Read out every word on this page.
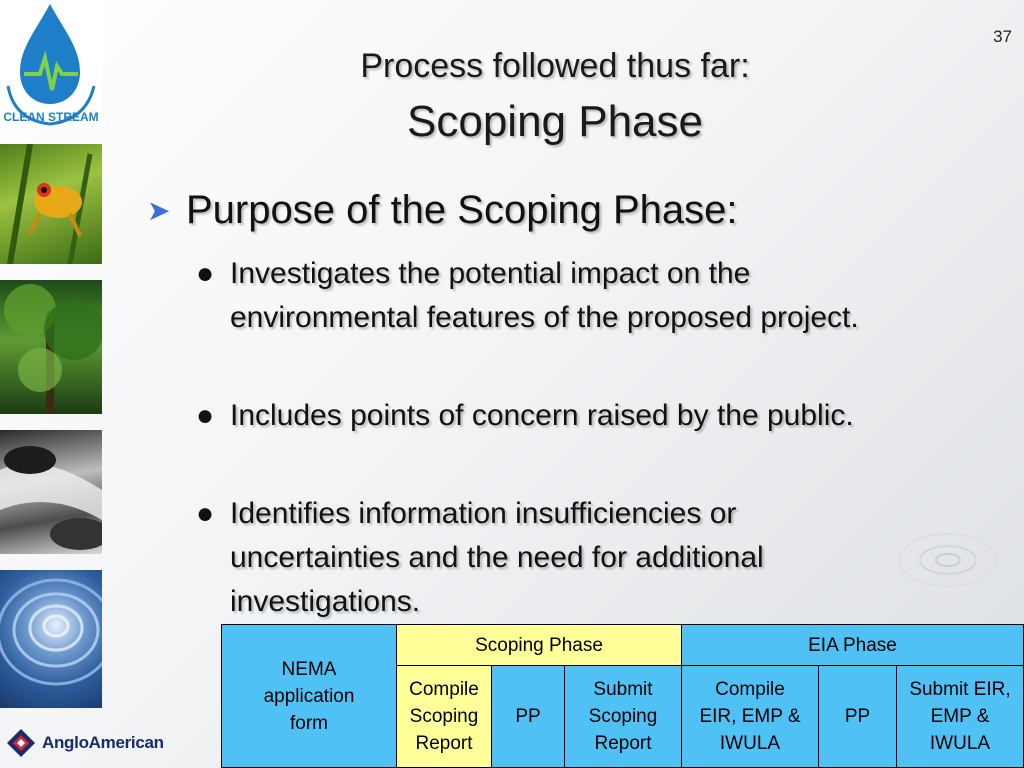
CLEAN STREAM
AngloAmerican
37
Process followed thus far:
Scoping Phase
➤ Purpose of the Scoping Phase:
● Investigates the potential impact on the environmental features of the proposed project.
● Includes points of concern raised by the public.
● Identifies information insufficiencies or uncertainties and the need for additional investigations.
NEMA application form
Scoping Phase	EIA Phase
Compile Scoping Report
PP
Submit Scoping Report
Compile EIR, EMP & IWULA
PP
Submit EIR, EMP & IWULA
